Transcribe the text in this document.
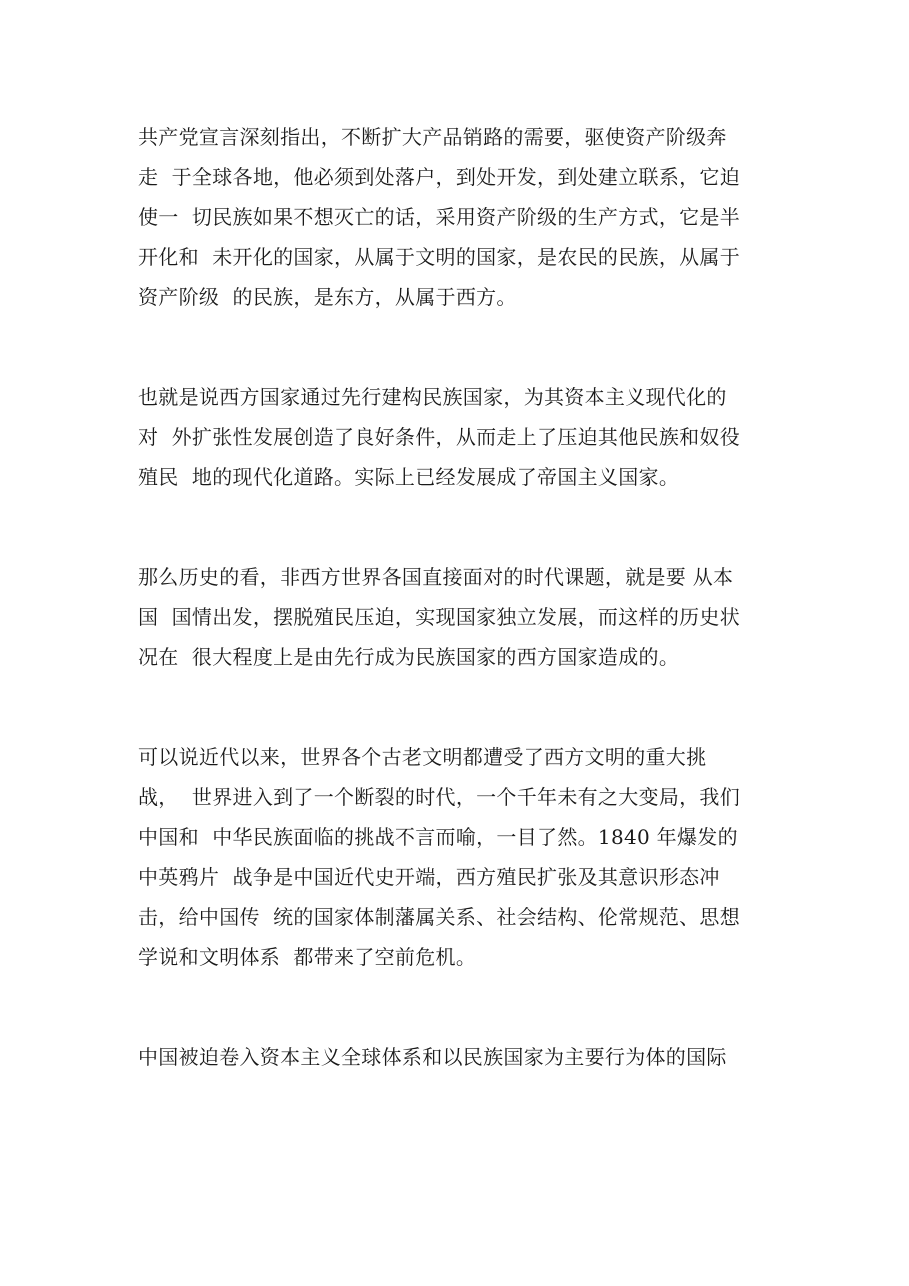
共产党宣言深刻指出，不断扩大产品销路的需要，驱使资产阶级奔
走  于全球各地，他必须到处落户，到处开发，到处建立联系，它迫
使一  切民族如果不想灭亡的话，采用资产阶级的生产方式，它是半
开化和  未开化的国家，从属于文明的国家，是农民的民族，从属于
资产阶级  的民族，是东方，从属于西方。

也就是说西方国家通过先行建构民族国家，为其资本主义现代化的
对  外扩张性发展创造了良好条件，从而走上了压迫其他民族和奴役
殖民  地的现代化道路。实际上已经发展成了帝国主义国家。

那么历史的看，非西方世界各国直接面对的时代课题，就是要 从本
国  国情出发，摆脱殖民压迫，实现国家独立发展，而这样的历史状
况在  很大程度上是由先行成为民族国家的西方国家造成的。

可以说近代以来，世界各个古老文明都遭受了西方文明的重大挑
战，  世界进入到了一个断裂的时代，一个千年未有之大变局，我们
中国和  中华民族面临的挑战不言而喻，一目了然。1840 年爆发的
中英鸦片  战争是中国近代史开端，西方殖民扩张及其意识形态冲
击，给中国传  统的国家体制藩属关系、社会结构、伦常规范、思想
学说和文明体系  都带来了空前危机。

中国被迫卷入资本主义全球体系和以民族国家为主要行为体的国际
